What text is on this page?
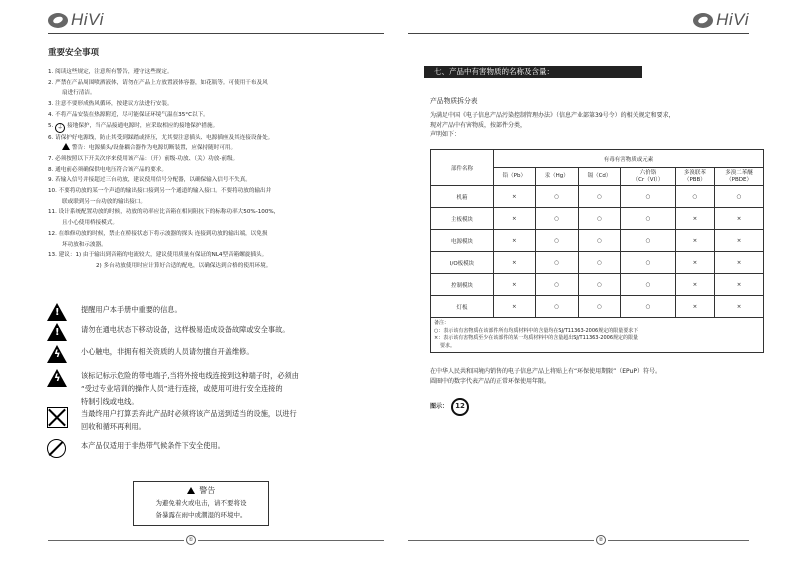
HiVi
重要安全事项
1. 阅读这些规定，注意所有警告，遵守这些规定。
2. 严禁在产品周围喷洒液体，请勿在产品上方放置液体容器，如花瓶等。可使用干布及风
扇进行清洁。
3. 注意不要形成热风循环，按建议方法进行安装。
4. 不将产品安装在热源附近，尽可能保证环境气温在35°C以下。
5. ⏚ 接地保护，当产品接通电源时，应采取相应的接地保护措施。
6. 请保护好电源线，防止其受到踩踏或挤压，尤其要注意插头、电源插座及其连接设备处。
警告：电源插头/设备耦合器作为电源切断装置，应保持随时可用。
7. 必须按照以下开关次序来使用该产品：（开）前级-功放、（关）功放-前级。
8. 通电前必须确保供电电压符合该产品的要求。
9. 若输入信号并接超过三台功放，建议使用信号分配器，以确保输入信号不失真。
10. 不要将功放的某一个声道的输出接口接到另一个通道的输入接口。不要将功放的输出并
联或联到另一台功放的输出接口。
11. 设计系统配置功放的时候，功放的功率应比音箱在相同阻抗下的标称功率大50%-100%，
且小心使用桥接模式。
12. 在维修功放的时候，禁止在桥接状态下将示波器的探头 连接到功放的输出端，以免损
坏功放和示波器。
13. 建议：1) 由于输出到音箱的电流较大，建议使用质量有保证的NL4型音箱螺旋插头。
2) 多台功放使用时应计算好合适的配电，以确保达到合格的使用环境。
!	提醒用户本手册中重要的信息。
!	请勿在通电状态下移动设备，这样极易造成设备故障或安全事故。
ϟ	小心触电，非拥有相关资质的人员请勿擅自开盖维修。
ϟ	该标记标示危险的带电端子,当将外接电线连接到这种端子时，必须由
“受过专业培训的操作人员”进行连接，或使用可进行安全连接的
特制引线或电线。
当最终用户打算丢弃此产品时必须将该产品送到适当的设施，以进行
回收和循环再利用。
本产品仅适用于非热带气候条件下安全使用。
警告
为避免着火或电击，请不要将设
备暴露在雨中或潮湿的环境中。
①
HiVi
七、产品中有害物质的名称及含量：
产品物质拆分表
为满足中国《电子信息产品污染控制管理办法》（信息产业部第39号令）的相关规定和要求，
现对产品中有害物质，按部件分类，
声明如下：
部件名称	有毒有害物质或元素					
	铅（Pb）	汞（Hg）	镉（Cd）	六价铬
（Cr（VI））	多溴联苯
（PBB）	多溴二苯醚
（PBDE）
机箱	×	○	○	○	○	○
主板模块	×	○	○	○	×	×
电源模块	×	○	○	○	×	×
I/O板模块	×	○	○	○	×	×
控制模块	×	○	○	○	×	×
灯板	×	○	○	○	×	×

备注：
○：表示该有害物质在该部件所有均质材料中的含量均在SJ/T11363-2006规定的限量要求下
×：表示该有害物质至少在该部件的某一均质材料中的含量超出SJ/T11363-2006规定的限量
要求。						
在中华人民共和国境内销售的电子信息产品上将贴上有“环保使用期限”（EPuP）符号。
圆圈中的数字代表产品的正常环保使用年限。
图示：	12
②
